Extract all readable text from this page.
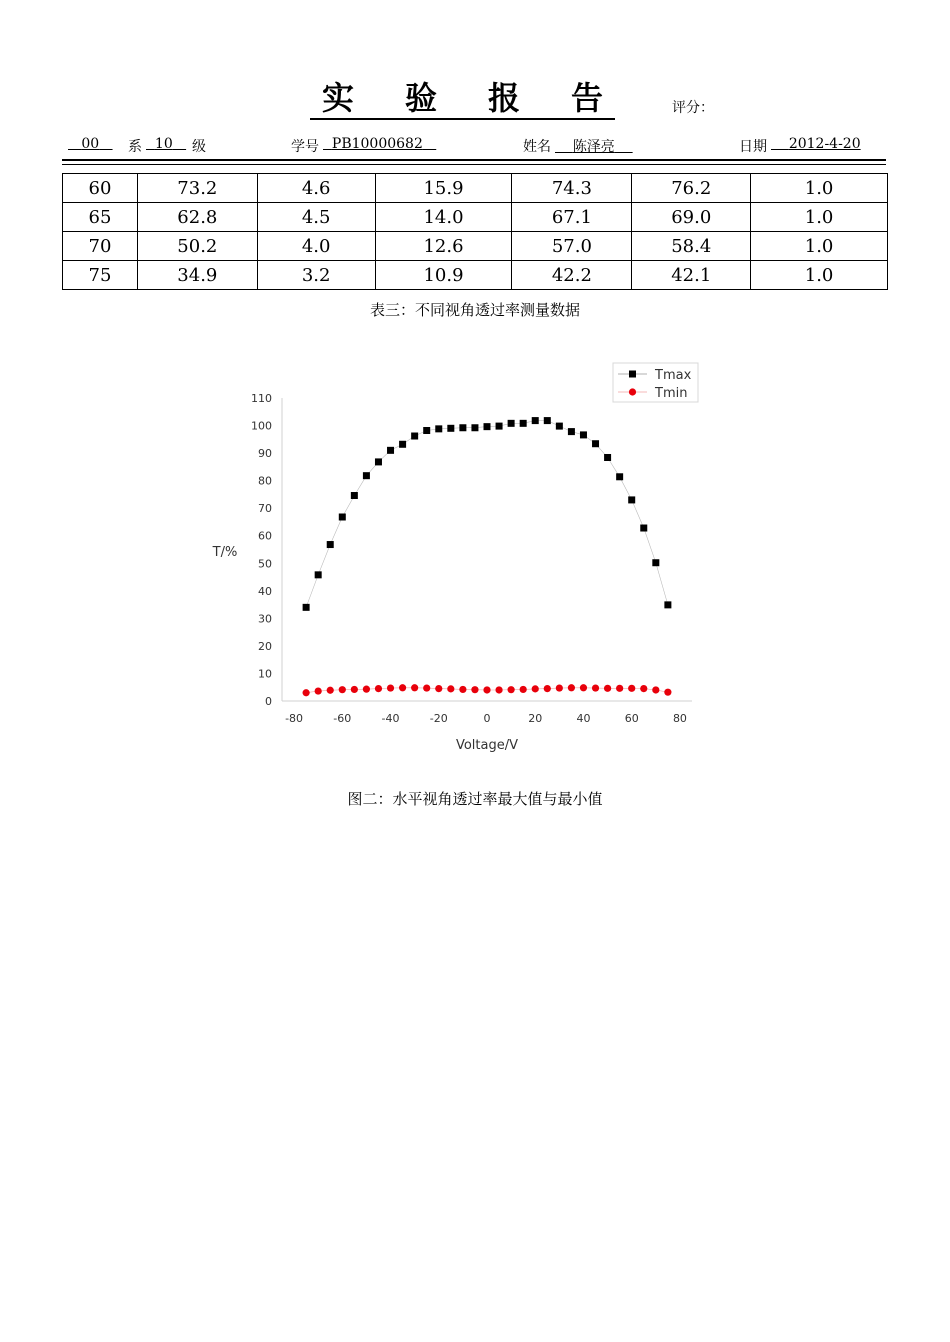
实 验 报 告	评分：
00	系 10	级	学号 PB10000682	姓名	陈泽亮	日期	2012-4-20
60	73.2	4.6	15.9	74.3	76.2	1.0
65	62.8	4.5	14.0	67.1	69.0	1.0
70	50.2	4.0	12.6	57.0	58.4	1.0
75	34.9	3.2	10.9	42.2	42.1	1.0
表三：不同视角透过率测量数据
0
10
20
30
40
50
60
70
80
90
100
110
-80	-60	-40	-20	0	20	40	60	80
T/%
Voltage/V
Tmax
Tmin
图二：水平视角透过率最大值与最小值
